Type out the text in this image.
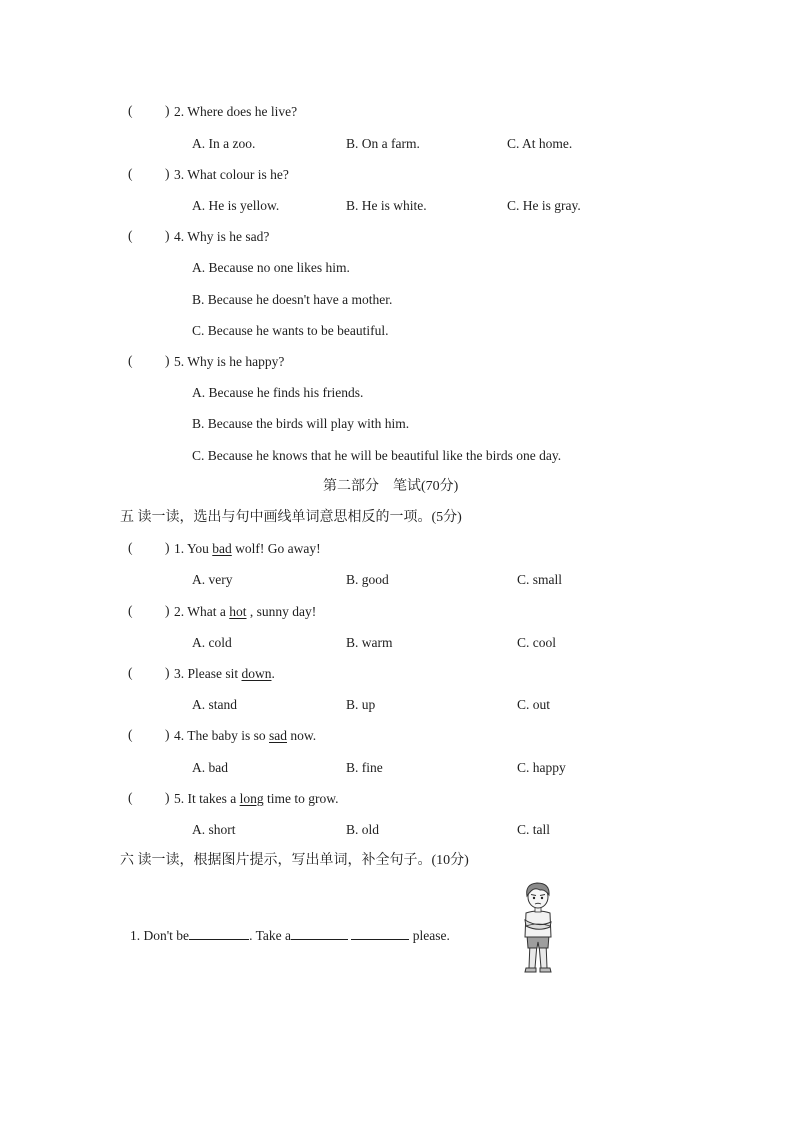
( ) 2. Where does he live?
A. In a zoo.	B. On a farm.	C. At home.
( ) 3. What colour is he?
A. He is yellow.	B. He is white.	C. He is gray.
( ) 4. Why is he sad?
A. Because no one likes him.
B. Because he doesn't have a mother.
C. Because he wants to be beautiful.
( ) 5. Why is he happy?
A. Because he finds his friends.
B. Because the birds will play with him.
C. Because he knows that he will be beautiful like the birds one day.
第二部分　笔试(70分)
五 读一读，选出与句中画线单词意思相反的一项。(5分)
( ) 1. You bad wolf! Go away!
A. very	B. good	C. small
( ) 2. What a hot , sunny day!
A. cold	B. warm	C. cool
( ) 3. Please sit down.
A. stand	B. up	C. out
( ) 4. The baby is so sad now.
A. bad	B. fine	C. happy
( ) 5. It takes a long time to grow.
A. short	B. old	C. tall
六 读一读，根据图片提示，写出单词，补全句子。(10分)
1. Don't be	. Take a	please.
